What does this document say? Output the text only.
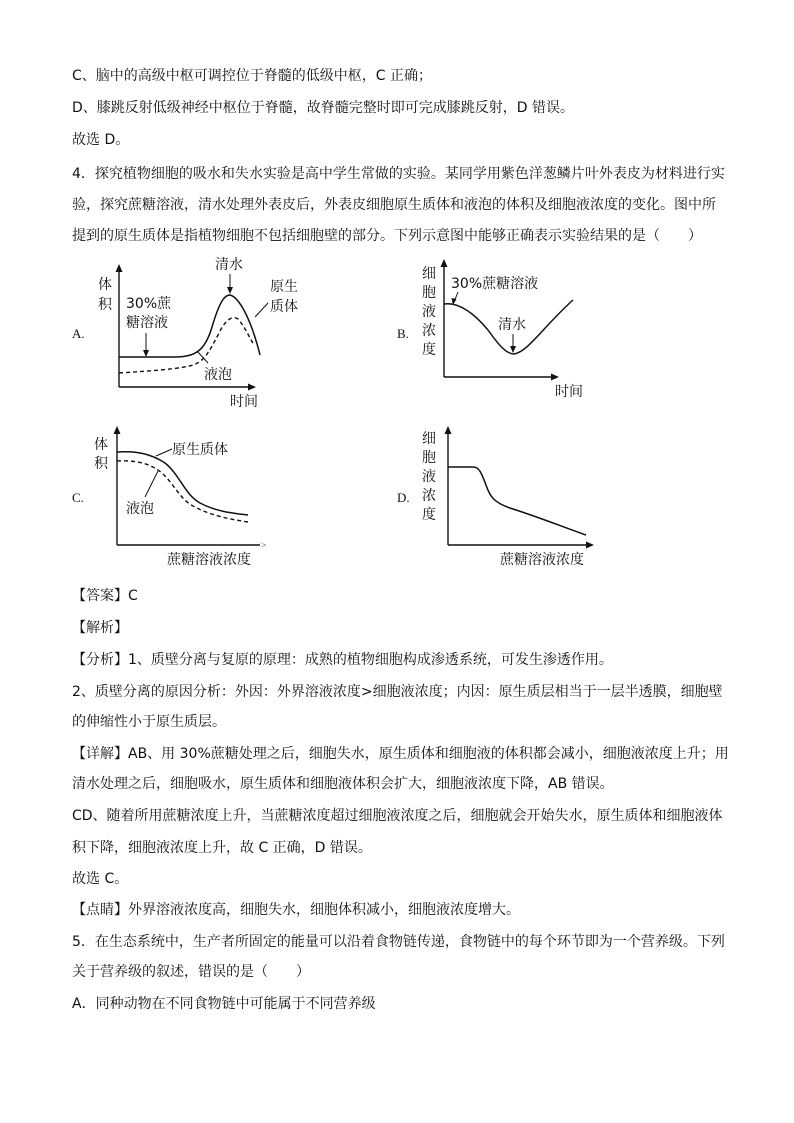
C、脑中的高级中枢可调控位于脊髓的低级中枢，C 正确；
D、膝跳反射低级神经中枢位于脊髓，故脊髓完整时即可完成膝跳反射，D 错误。
故选 D。
4．探究植物细胞的吸水和失水实验是高中学生常做的实验。某同学用紫色洋葱鳞片叶外表皮为材料进行实
验，探究蔗糖溶液，清水处理外表皮后，外表皮细胞原生质体和液泡的体积及细胞液浓度的变化。图中所
提到的原生质体是指植物细胞不包括细胞壁的部分。下列示意图中能够正确表示实验结果的是（　　）
A.
体
积
时间
30%蔗
糖溶液
清水
原生
质体
液泡
B.
细
胞
液
浓
度
时间
30%蔗糖溶液
清水
C.
体
积
蔗糖溶液浓度
原生质体
液泡
D.
细
胞
液
浓
度
蔗糖溶液浓度
【答案】C
【解析】
【分析】1、质壁分离与复原的原理：成熟的植物细胞构成渗透系统，可发生渗透作用。
2、质壁分离的原因分析：外因：外界溶液浓度>细胞液浓度；内因：原生质层相当于一层半透膜，细胞壁
的伸缩性小于原生质层。
【详解】AB、用 30%蔗糖处理之后，细胞失水，原生质体和细胞液的体积都会减小，细胞液浓度上升；用
清水处理之后，细胞吸水，原生质体和细胞液体积会扩大，细胞液浓度下降，AB 错误。
CD、随着所用蔗糖浓度上升，当蔗糖浓度超过细胞液浓度之后，细胞就会开始失水，原生质体和细胞液体
积下降，细胞液浓度上升，故 C 正确，D 错误。
故选 C。
【点睛】外界溶液浓度高，细胞失水，细胞体积减小，细胞液浓度增大。
5．在生态系统中，生产者所固定的能量可以沿着食物链传递，食物链中的每个环节即为一个营养级。下列
关于营养级的叙述，错误的是（　　）
A．同种动物在不同食物链中可能属于不同营养级
